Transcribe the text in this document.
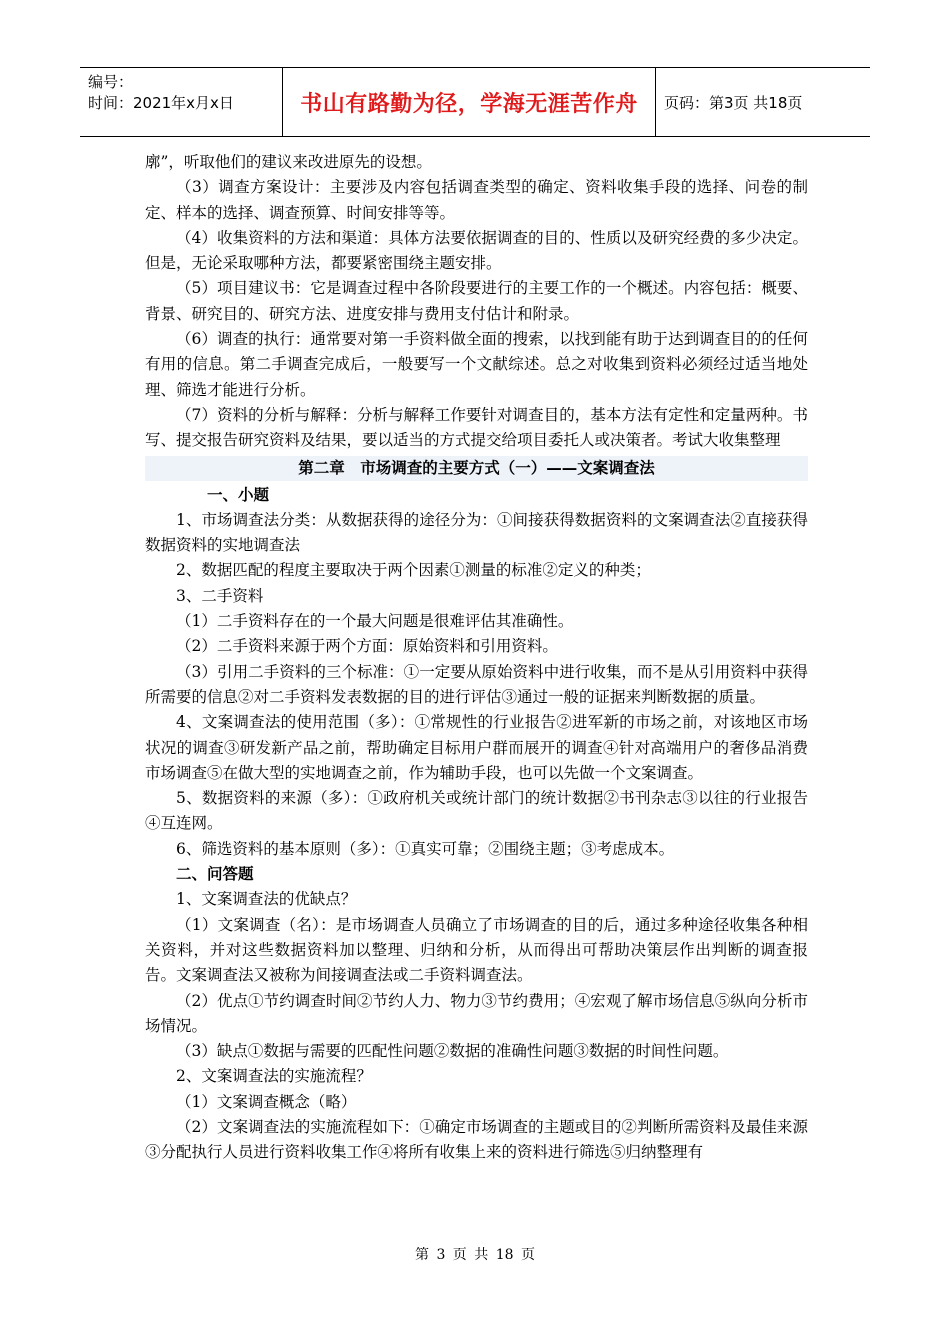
编号：
时间：2021年x月x日	书山有路勤为径，学海无涯苦作舟 页码：第3页 共18页

廓”，听取他们的建议来改进原先的设想。

（3）调查方案设计：主要涉及内容包括调查类型的确定、资料收集手段的选择、问卷的制定、样本的选择、调查预算、时间安排等等。

（4）收集资料的方法和渠道：具体方法要依据调查的目的、性质以及研究经费的多少决定。但是，无论采取哪种方法，都要紧密围绕主题安排。

（5）项目建议书：它是调查过程中各阶段要进行的主要工作的一个概述。内容包括：概要、背景、研究目的、研究方法、进度安排与费用支付估计和附录。

（6）调查的执行：通常要对第一手资料做全面的搜索，以找到能有助于达到调查目的的任何有用的信息。第二手调查完成后，一般要写一个文献综述。总之对收集到资料必须经过适当地处理、筛选才能进行分析。

（7）资料的分析与解释：分析与解释工作要针对调查目的，基本方法有定性和定量两种。书写、提交报告研究资料及结果，要以适当的方式提交给项目委托人或决策者。考试大收集整理

第二章　市场调查的主要方式（一）——文案调查法

一、小题

1、市场调查法分类：从数据获得的途径分为：①间接获得数据资料的文案调查法②直接获得数据资料的实地调查法

2、数据匹配的程度主要取决于两个因素①测量的标准②定义的种类；

3、二手资料

（1）二手资料存在的一个最大问题是很难评估其准确性。

（2）二手资料来源于两个方面：原始资料和引用资料。

（3）引用二手资料的三个标准：①一定要从原始资料中进行收集，而不是从引用资料中获得所需要的信息②对二手资料发表数据的目的进行评估③通过一般的证据来判断数据的质量。

4、文案调查法的使用范围（多）：①常规性的行业报告②进军新的市场之前，对该地区市场状况的调查③研发新产品之前，帮助确定目标用户群而展开的调查④针对高端用户的奢侈品消费市场调查⑤在做大型的实地调查之前，作为辅助手段，也可以先做一个文案调查。

5、数据资料的来源（多）：①政府机关或统计部门的统计数据②书刊杂志③以往的行业报告④互连网。

6、筛选资料的基本原则（多）：①真实可靠；②围绕主题；③考虑成本。

二、问答题

1、文案调查法的优缺点？

（1）文案调查（名）：是市场调查人员确立了市场调查的目的后，通过多种途径收集各种相关资料，并对这些数据资料加以整理、归纳和分析，从而得出可帮助决策层作出判断的调查报告。文案调查法又被称为间接调查法或二手资料调查法。

（2）优点①节约调查时间②节约人力、物力③节约费用；④宏观了解市场信息⑤纵向分析市场情况。

（3）缺点①数据与需要的匹配性问题②数据的准确性问题③数据的时间性问题。

2、文案调查法的实施流程？

（1）文案调查概念（略）

（2）文案调查法的实施流程如下：①确定市场调查的主题或目的②判断所需资料及最佳来源③分配执行人员进行资料收集工作④将所有收集上来的资料进行筛选⑤归纳整理有

第 3 页 共 18 页
